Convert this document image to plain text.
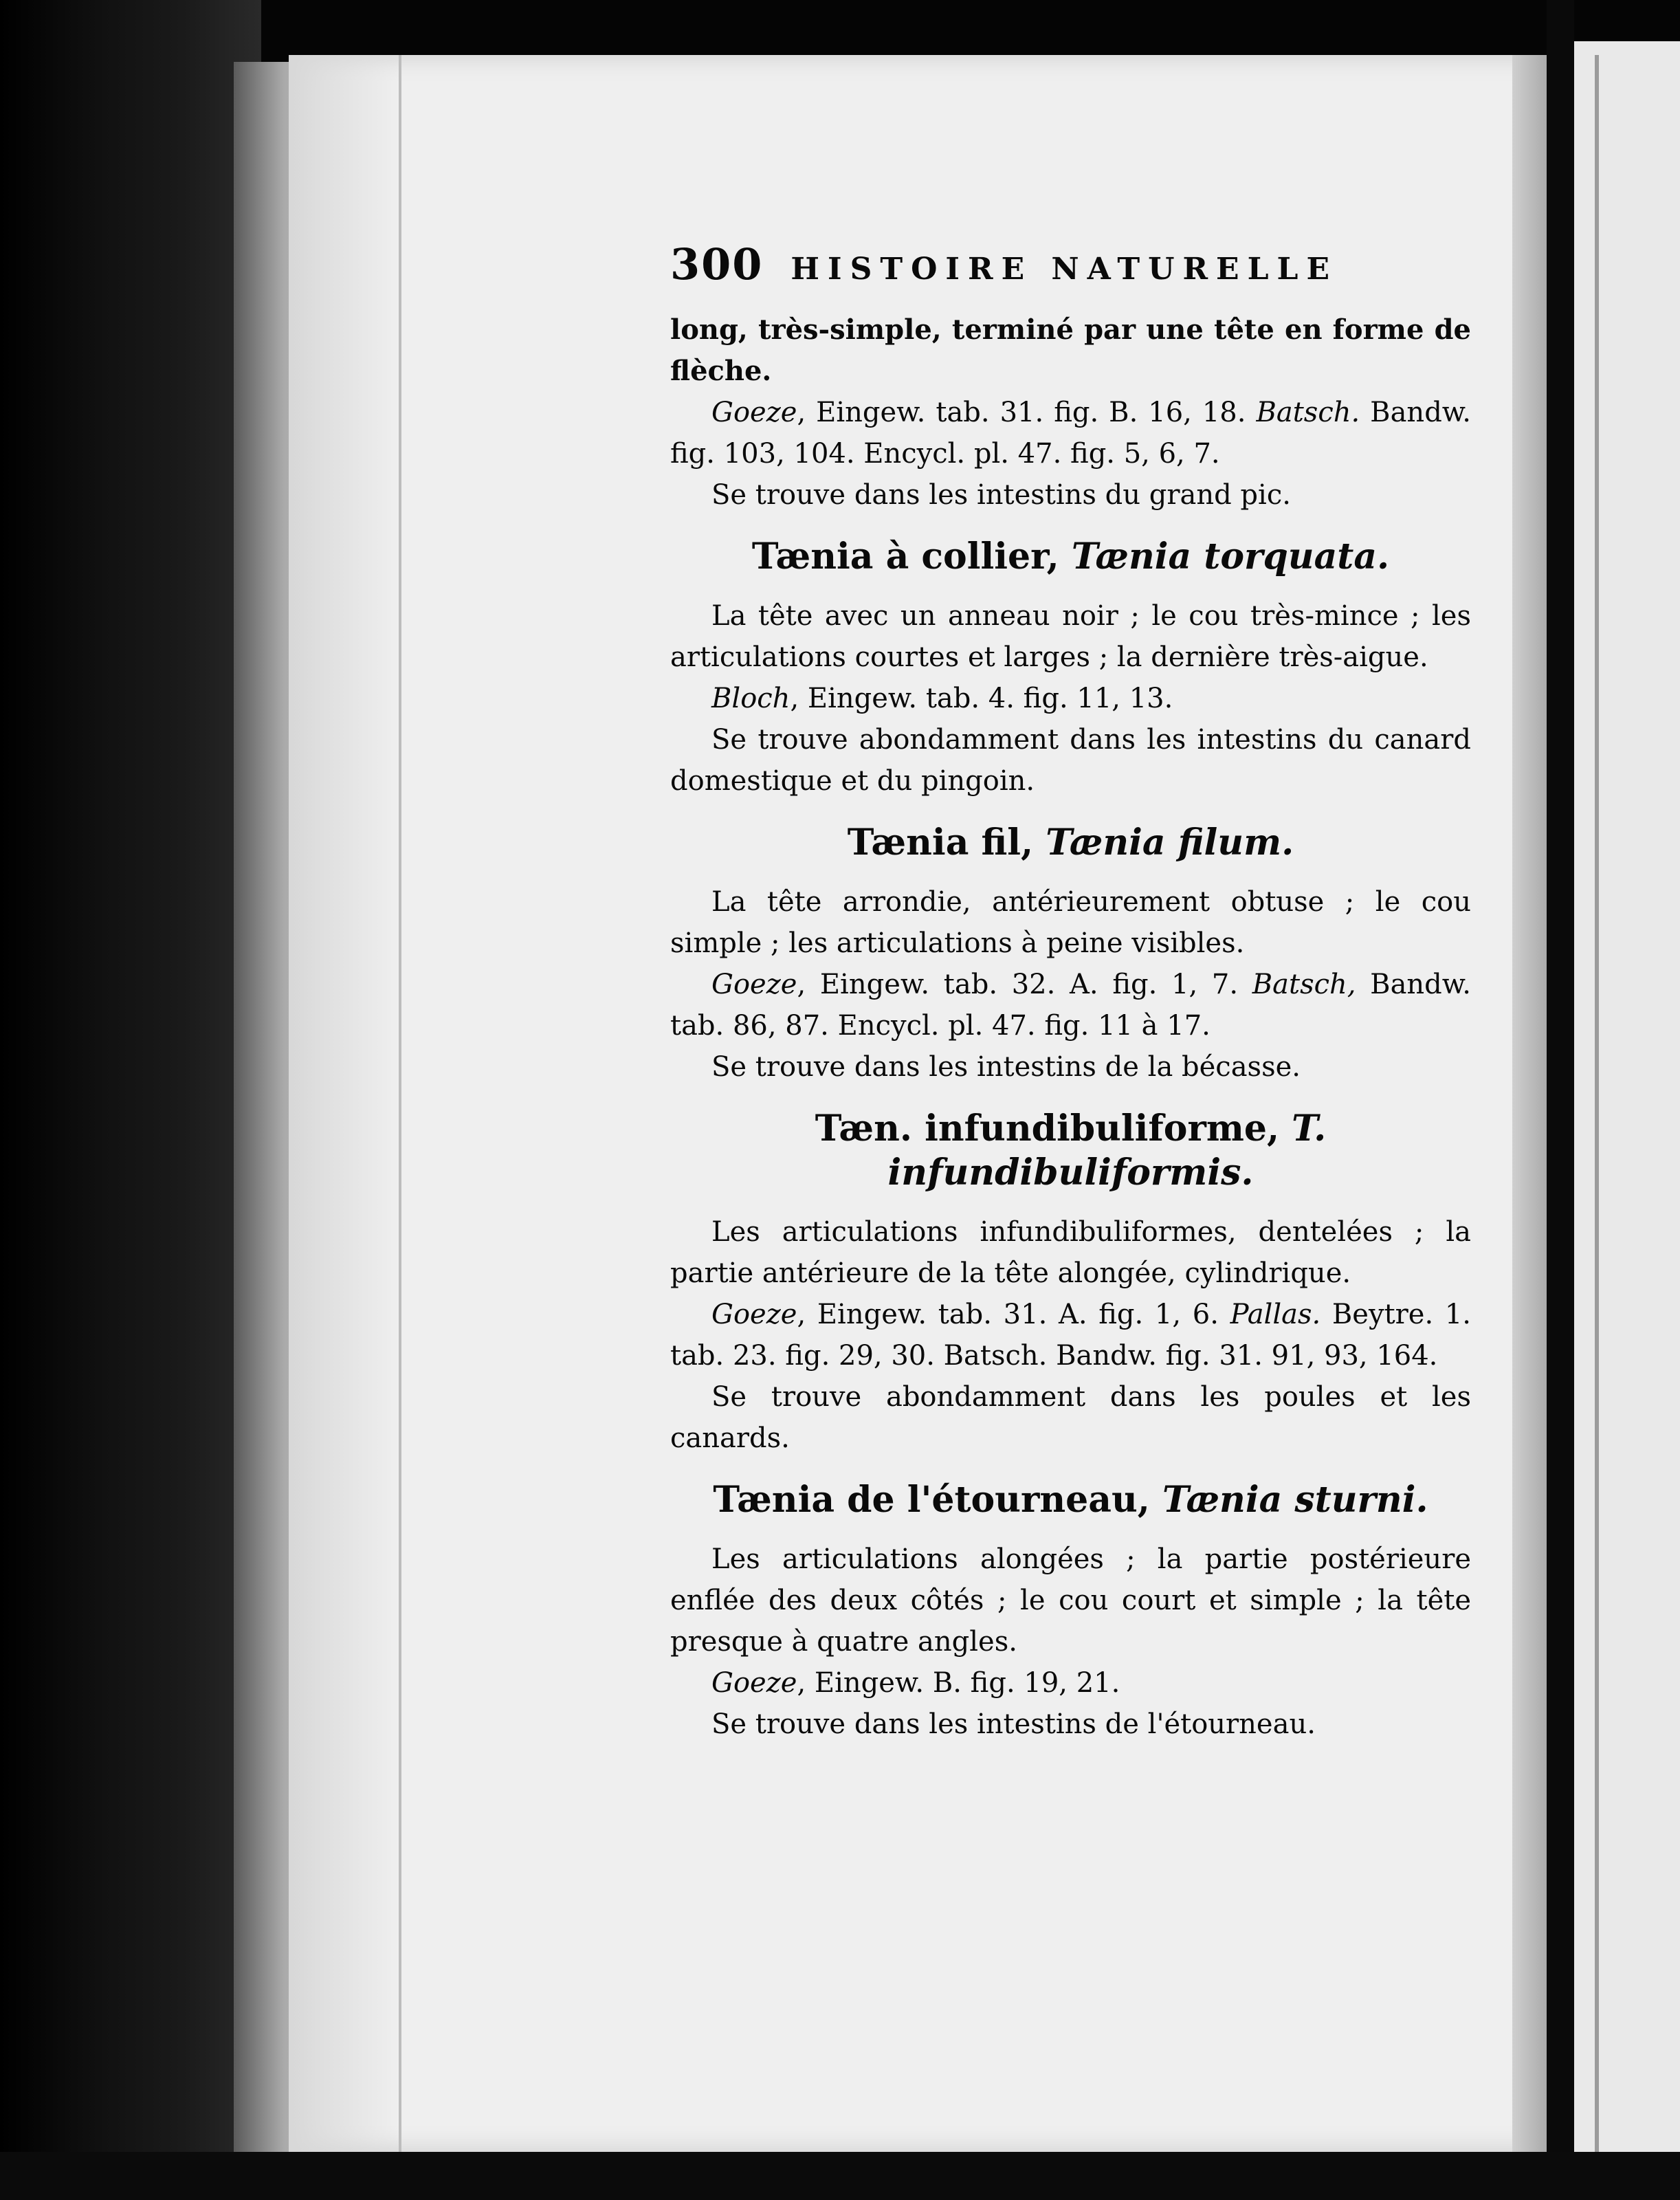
300 HISTOIRE NATURELLE

long, très-simple, terminé par une tête en forme de flèche.

Goeze, Eingew. tab. 31. fig. B. 16, 18. Batsch. Bandw. fig. 103, 104. Encycl. pl. 47. fig. 5, 6, 7.

Se trouve dans les intestins du grand pic.

Tænia à collier, Tænia torquata.

La tête avec un anneau noir ; le cou très-mince ; les articulations courtes et larges ; la dernière très-aigue.

Bloch, Eingew. tab. 4. fig. 11, 13.

Se trouve abondamment dans les intestins du canard domestique et du pingoin.

Tænia fil, Tænia filum.

La tête arrondie, antérieurement obtuse ; le cou simple ; les articulations à peine visibles.

Goeze, Eingew. tab. 32. A. fig. 1, 7. Batsch, Bandw. tab. 86, 87. Encycl. pl. 47. fig. 11 à 17.

Se trouve dans les intestins de la bécasse.

Tæn. infundibuliforme, T. infundibuliformis.

Les articulations infundibuliformes, dentelées ; la partie antérieure de la tête alongée, cylindrique.

Goeze, Eingew. tab. 31. A. fig. 1, 6. Pallas. Beytre. 1. tab. 23. fig. 29, 30. Batsch. Bandw. fig. 31. 91, 93, 164.

Se trouve abondamment dans les poules et les canards.

Tænia de l'étourneau, Tænia sturni.

Les articulations alongées ; la partie postérieure enflée des deux côtés ; le cou court et simple ; la tête presque à quatre angles.

Goeze, Eingew. B. fig. 19, 21.

Se trouve dans les intestins de l'étourneau.
